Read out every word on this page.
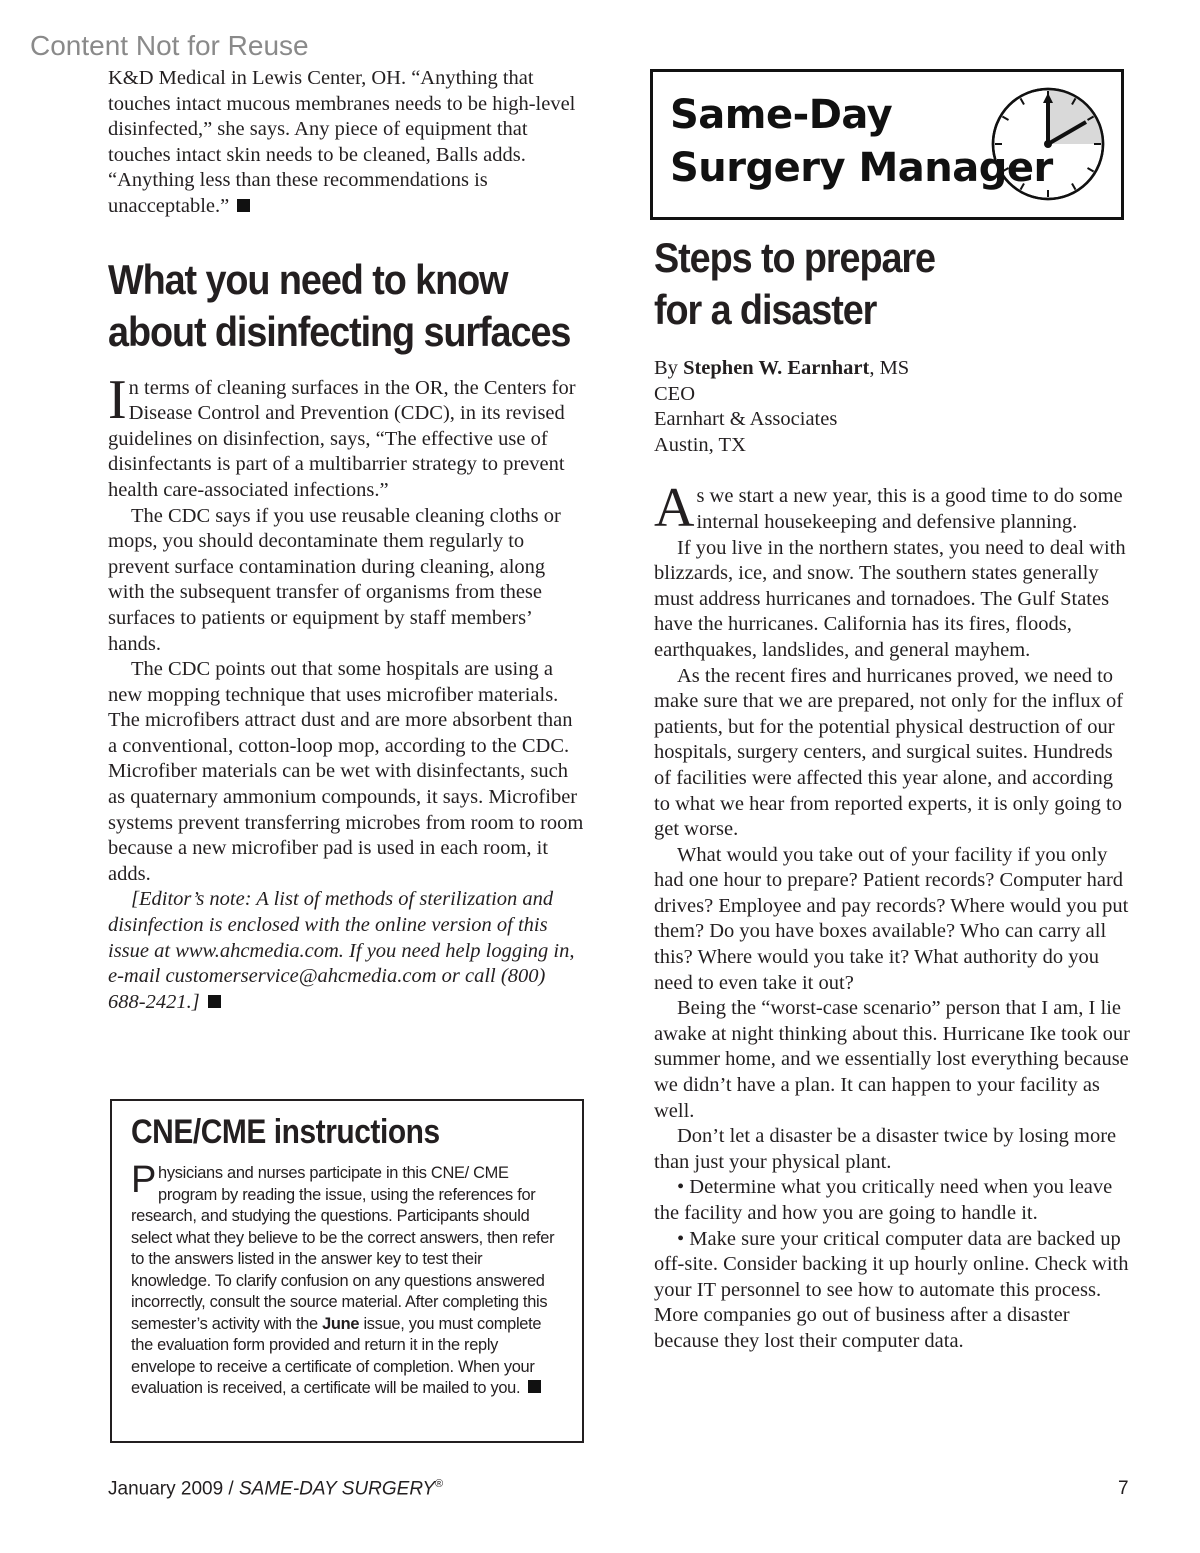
Content Not for Reuse

K&D Medical in Lewis Center, OH. “Anything that touches intact mucous membranes needs to be high-level disinfected,” she says. Any piece of equipment that touches intact skin needs to be cleaned, Balls adds. “Anything less than these recommendations is unacceptable.”

What you need to know
about disinfecting surfaces

In terms of cleaning surfaces in the OR, the Centers for Disease Control and Prevention (CDC), in its revised guidelines on disinfection, says, “The effective use of disinfectants is part of a multibarrier strategy to prevent health care-associated infections.”

The CDC says if you use reusable cleaning cloths or mops, you should decontaminate them regularly to prevent surface contamination during cleaning, along with the subsequent transfer of organisms from these surfaces to patients or equipment by staff members’ hands.

The CDC points out that some hospitals are using a new mopping technique that uses microfiber materials. The microfibers attract dust and are more absorbent than a conventional, cotton-loop mop, according to the CDC. Microfiber materials can be wet with disinfectants, such as quaternary ammonium compounds, it says. Microfiber systems prevent transferring microbes from room to room because a new microfiber pad is used in each room, it adds.

[Editor’s note: A list of methods of sterilization and disinfection is enclosed with the online version of this issue at www.ahcmedia.com. If you need help logging in, e-mail customerservice@ahcmedia.com or call (800) 688-2421.]

CNE/CME instructions

Physicians and nurses participate in this CNE/ CME program by reading the issue, using the references for research, and studying the questions. Participants should select what they believe to be the correct answers, then refer to the answers listed in the answer key to test their knowledge. To clarify confusion on any questions answered incorrectly, consult the source material. After completing this semester’s activity with the June issue, you must complete the evaluation form provided and return it in the reply envelope to receive a certificate of completion. When your evaluation is received, a certificate will be mailed to you.

Same-Day
Surgery Manager
Steps to prepare
for a disaster

By Stephen W. Earnhart, MS

CEO

Earnhart & Associates

Austin, TX

As we start a new year, this is a good time to do some internal housekeeping and defensive planning.

If you live in the northern states, you need to deal with blizzards, ice, and snow. The southern states generally must address hurricanes and tornadoes. The Gulf States have the hurricanes. California has its fires, floods, earthquakes, landslides, and general mayhem.

As the recent fires and hurricanes proved, we need to make sure that we are prepared, not only for the influx of patients, but for the potential physical destruction of our hospitals, surgery centers, and surgical suites. Hundreds of facilities were affected this year alone, and according to what we hear from reported experts, it is only going to get worse.

What would you take out of your facility if you only had one hour to prepare? Patient records? Computer hard drives? Employee and pay records? Where would you put them? Do you have boxes available? Who can carry all this? Where would you take it? What authority do you need to even take it out?

Being the “worst-case scenario” person that I am, I lie awake at night thinking about this. Hurricane Ike took our summer home, and we essentially lost everything because we didn’t have a plan. It can happen to your facility as well.

Don’t let a disaster be a disaster twice by losing more than just your physical plant.

• Determine what you critically need when you leave the facility and how you are going to handle it.

• Make sure your critical computer data are backed up off-site. Consider backing it up hourly online. Check with your IT personnel to see how to automate this process. More companies go out of business after a disaster because they lost their computer data.

January 2009 / SAME-DAY SURGERY®	7
